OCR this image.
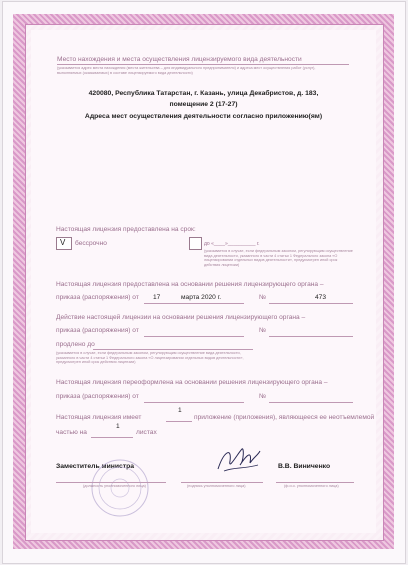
Место нахождения и места осуществления лицензируемого вида деятельности
(указывается адрес места нахождения (места жительства – для индивидуального предпринимателя) и адреса мест осуществления работ (услуг),
выполняемых (оказываемых) в составе лицензируемого вида деятельности)
420080, Республика Татарстан, г. Казань, улица Декабристов, д. 183,
помещение 2 (17-27)
Адреса мест осуществления деятельности согласно приложению(ям)
Настоящая лицензия предоставлена на срок:
V бессрочно	до «____»__________ г.
(указывается в случае, если федеральным законом, регулирующим осуществление вида деятельности, указанного в части 4 статьи 1 Федерального закона «О лицензировании отдельных видов деятельности», предусмотрен иной срок действия лицензии)
Настоящая лицензия предоставлена на основании решения лицензирующего органа –
приказа (распоряжения) от 17	марта 2020 г.	№	473
Действие настоящей лицензии на основании решения лицензирующего органа –
приказа (распоряжения) от	№
продлено до
(указывается в случае, если федеральным законом, регулирующим осуществление вида деятельности, указанного в части 4 статьи 1 Федерального закона «О лицензировании отдельных видов деятельности», предусмотрен иной срок действия лицензии)
Настоящая лицензия переоформлена на основании решения лицензирующего органа –
приказа (распоряжения) от	№
Настоящая лицензия имеет
1
приложение (приложения), являющееся ее неотъемлемой
частью на
1
листах
Заместитель министра	В.В. Виниченко
(должность уполномоченного лица)	(подпись уполномоченного лица)	(ф.и.о. уполномоченного лица)
